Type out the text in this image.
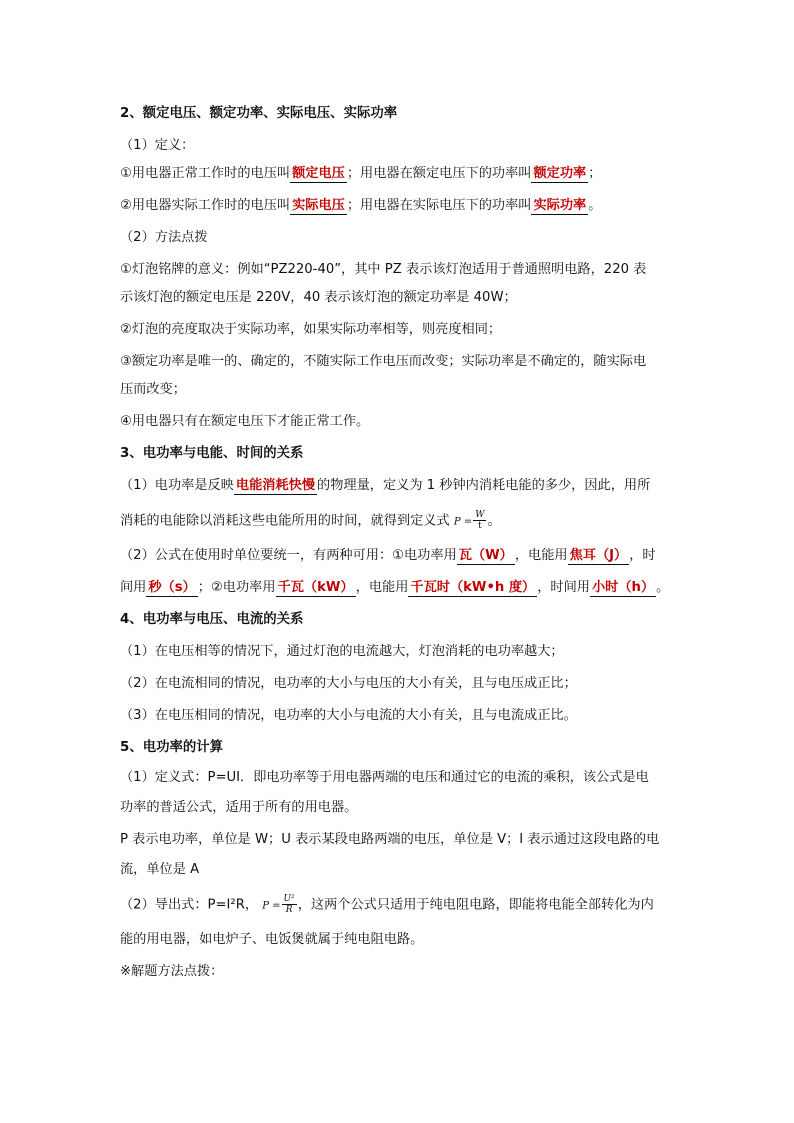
2、额定电压、额定功率、实际电压、实际功率
（1）定义：
①用电器正常工作时的电压叫 额定电压 ；用电器在额定电压下的功率叫 额定功率 ；
②用电器实际工作时的电压叫 实际电压 ；用电器在实际电压下的功率叫 实际功率 。
（2）方法点拨
①灯泡铭牌的意义：例如“PZ220-40”，其中 PZ 表示该灯泡适用于普通照明电路，220 表
示该灯泡的额定电压是 220V，40 表示该灯泡的额定功率是 40W；
②灯泡的亮度取决于实际功率，如果实际功率相等，则亮度相同；
③额定功率是唯一的、确定的，不随实际工作电压而改变；实际功率是不确定的，随实际电
压而改变；
④用电器只有在额定电压下才能正常工作。
3、电功率与电能、时间的关系
（1）电功率是反映 电能消耗快慢 的物理量，定义为 1 秒钟内消耗电能的多少，因此，用所
消耗的电能除以消耗这些电能所用的时间，就得到定义式 $P = \frac{W}{t}$ 。
（2）公式在使用时单位要统一，有两种可用：①电功率用 瓦（W） ，电能用 焦耳（J） ，时
间用 秒（s） ；②电功率用 千瓦（kW） ，电能用 千瓦时（kW•h 度） ，时间用 小时（h） 。
4、电功率与电压、电流的关系
（1）在电压相等的情况下，通过灯泡的电流越大，灯泡消耗的电功率越大；
（2）在电流相同的情况，电功率的大小与电压的大小有关，且与电压成正比；
（3）在电压相同的情况，电功率的大小与电流的大小有关，且与电流成正比。
5、电功率的计算
（1）定义式：P=UI．即电功率等于用电器两端的电压和通过它的电流的乘积，该公式是电
功率的普适公式，适用于所有的用电器。
P 表示电功率，单位是 W；U 表示某段电路两端的电压，单位是 V；I 表示通过这段电路的电
流，单位是 A
（2）导出式：P=I²R， $P = \frac{\text{U²}}{R}$ ，这两个公式只适用于纯电阻电路，即能将电能全部转化为内
能的用电器，如电炉子、电饭煲就属于纯电阻电路。
※解题方法点拨：
